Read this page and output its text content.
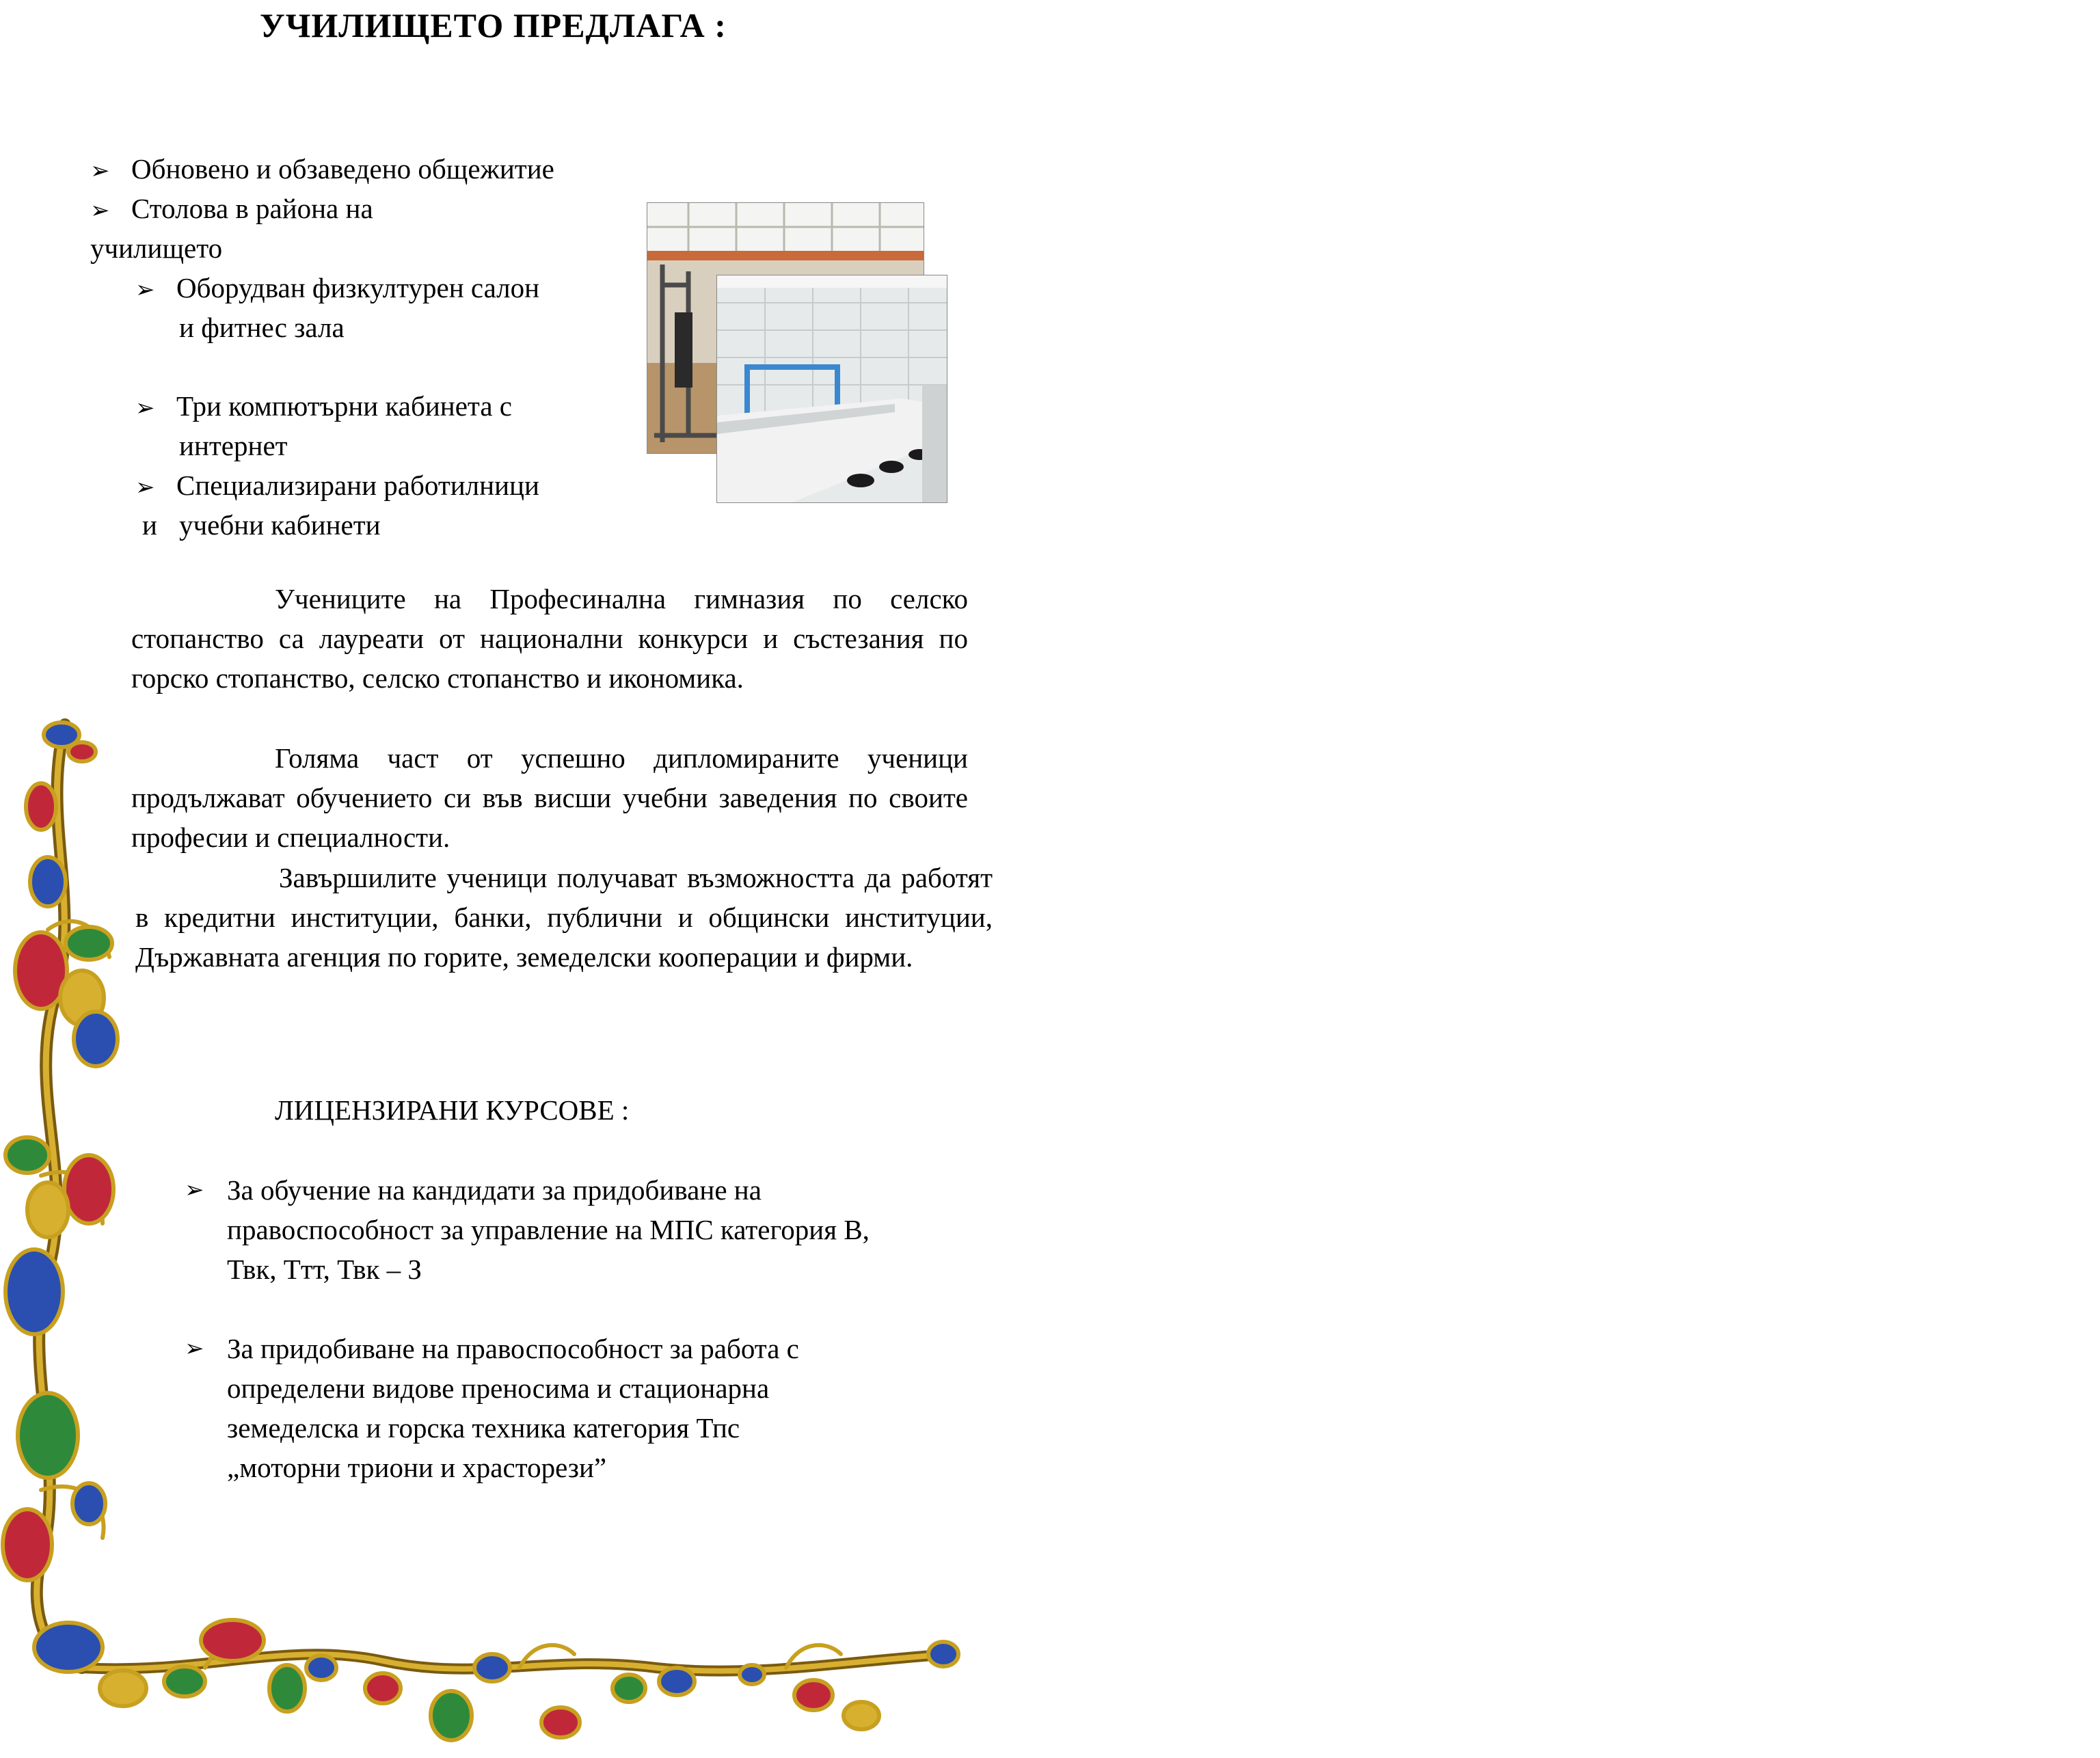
УЧИЛИЩЕТО ПРЕДЛАГА :
➢ Обновено и обзаведено общежитие
➢ Столова в района на
училището
➢ Оборудван физкултурен салон
и фитнес зала
➢ Три компютърни кабинета с
интернет
➢ Специализирани работилници
и учебни кабинети
Учениците на Професинална гимназия по селско стопанство са лауреати от национални конкурси и състезания по горско стопанство, селско стопанство и икономика.
Голяма част от успешно дипломираните ученици продължават обучението си във висши учебни заведения по своите професии и специалности.
Завършилите ученици получават възможността да работят в кредитни институции, банки, публични и общински институции, Държавната агенция по горите, земеделски кооперации и фирми.
ЛИЦЕНЗИРАНИ КУРСОВЕ :
➢ За обучение на кандидати за придобиване на
правоспособност за управление на МПС категория В,
Твк, Ттт, Твк – З
➢ За придобиване на правоспособност за работа с
определени видове преносима и стационарна
земеделска и горска техника категория Тпс
„моторни триони и храсторези”
